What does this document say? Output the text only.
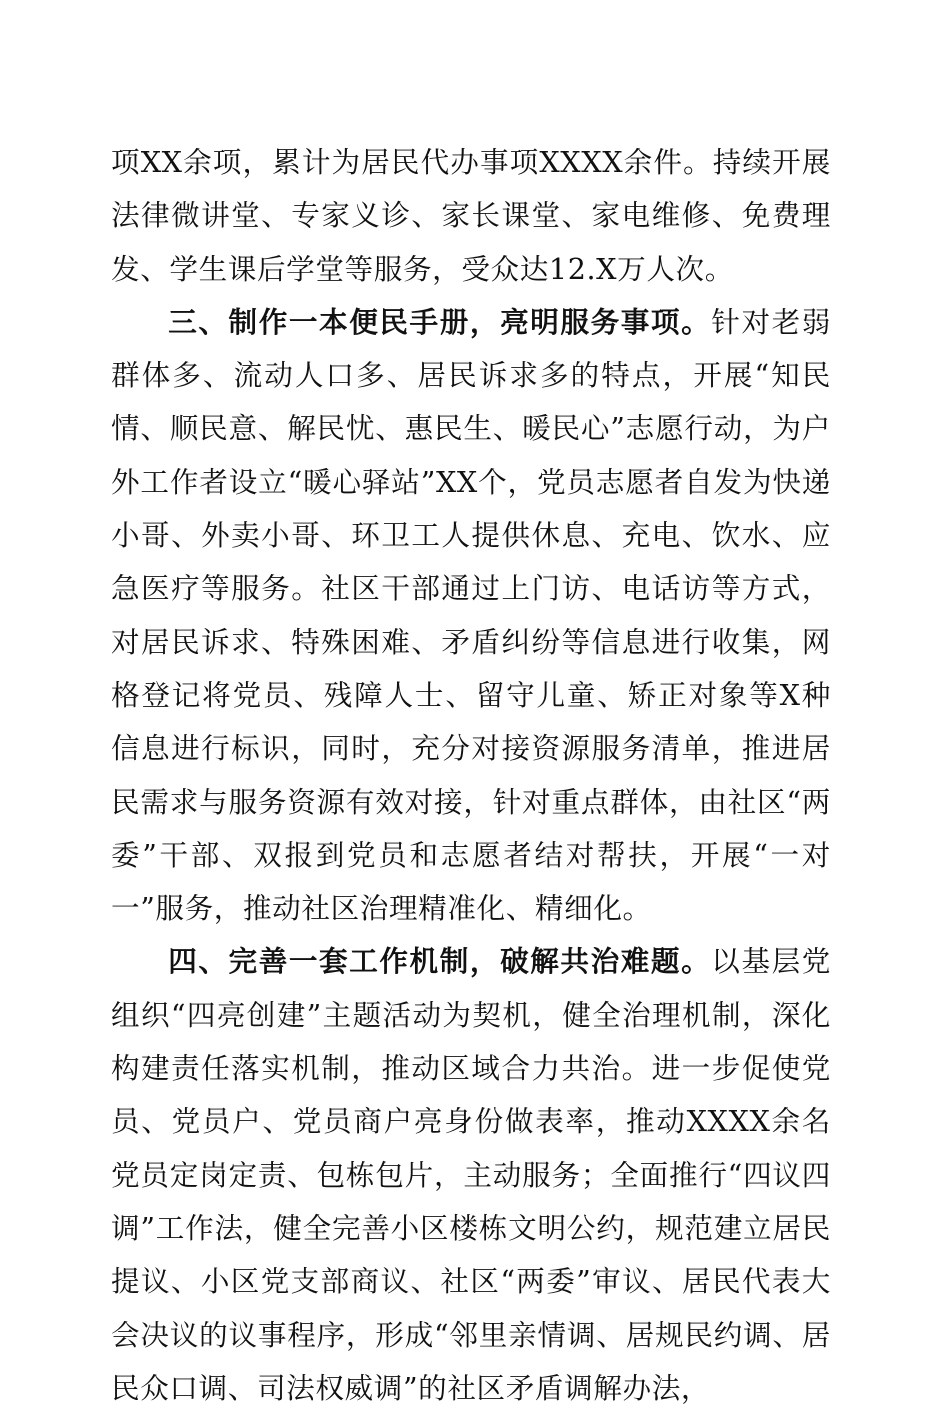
项XX余项，累计为居民代办事项XXXX余件。持续开展法律微讲堂、专家义诊、家长课堂、家电维修、免费理发、学生课后学堂等服务，受众达12.X万人次。

三、制作一本便民手册，亮明服务事项。针对老弱群体多、流动人口多、居民诉求多的特点，开展“知民情、顺民意、解民忧、惠民生、暖民心”志愿行动，为户外工作者设立“暖心驿站”XX个，党员志愿者自发为快递小哥、外卖小哥、环卫工人提供休息、充电、饮水、应急医疗等服务。社区干部通过上门访、电话访等方式，对居民诉求、特殊困难、矛盾纠纷等信息进行收集，网格登记将党员、残障人士、留守儿童、矫正对象等X种信息进行标识，同时，充分对接资源服务清单，推进居民需求与服务资源有效对接，针对重点群体，由社区“两委”干部、双报到党员和志愿者结对帮扶，开展“一对一”服务，推动社区治理精准化、精细化。

四、完善一套工作机制，破解共治难题。以基层党组织“四亮创建”主题活动为契机，健全治理机制，深化构建责任落实机制，推动区域合力共治。进一步促使党员、党员户、党员商户亮身份做表率，推动XXXX余名党员定岗定责、包栋包片，主动服务；全面推行“四议四调”工作法，健全完善小区楼栋文明公约，规范建立居民提议、小区党支部商议、社区“两委”审议、居民代表大会决议的议事程序，形成“邻里亲情调、居规民约调、居民众口调、司法权威调”的社区矛盾调解办法，
